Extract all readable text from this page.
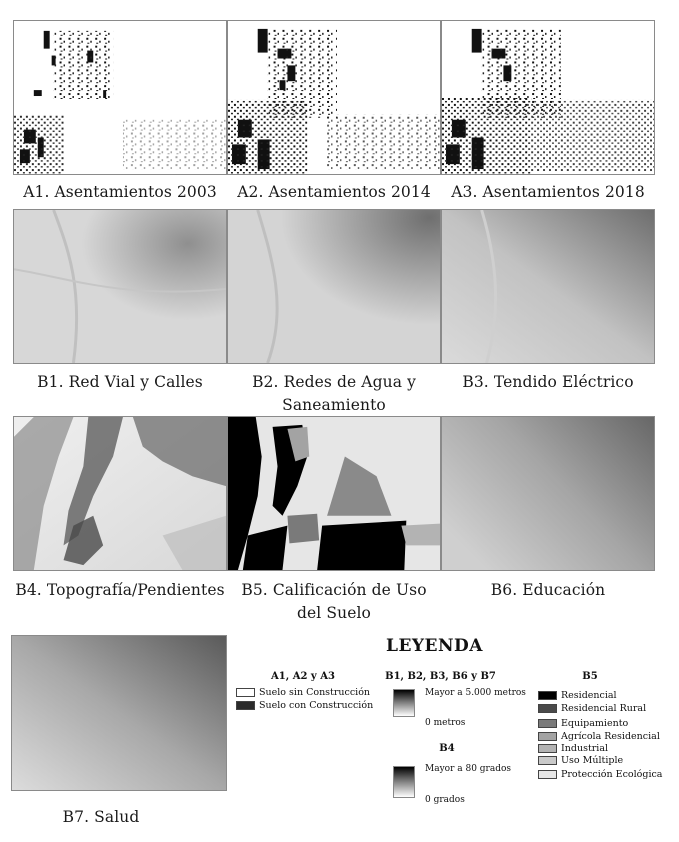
A1. Asentamientos 2003	A2. Asentamientos 2014	A3. Asentamientos 2018
B1. Red Vial y Calles	B2. Redes de Agua y
Saneamiento
B3. Tendido Eléctrico
B4. Topografía/Pendientes	B5. Calificación de Uso
del Suelo
B6. Educación
B7. Salud
LEYENDA
A1, A2 y A3
Suelo sin Construcción
Suelo con Construcción
B1, B2, B3, B6 y B7
Mayor a 5.000 metros
0 metros
B4
Mayor a 80 grados
0 grados
B5
Residencial
Residencial Rural
Equipamiento
Agrícola Residencial
Industrial
Uso Múltiple
Protección Ecológica
